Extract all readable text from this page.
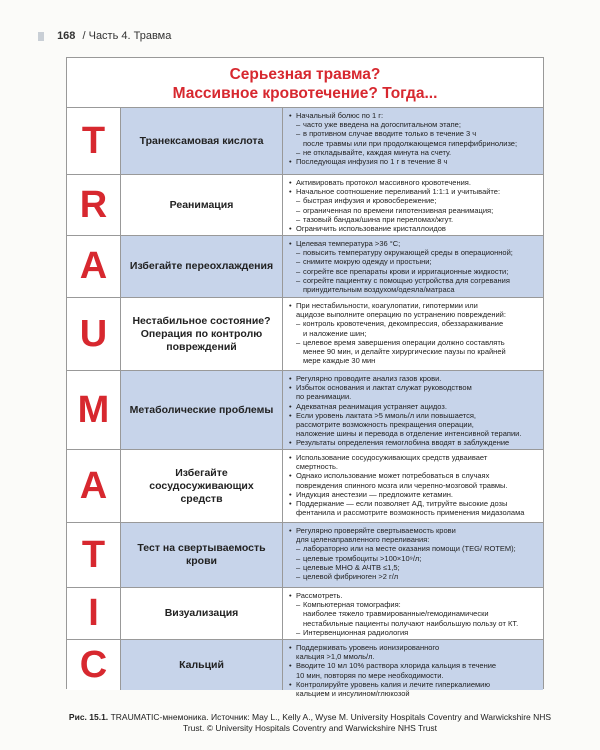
168 / Часть 4. Травма
Серьезная травма?
Массивное кровотечение? Тогда...
T	Транексамовая кислота
• Начальный болюс по 1 г:
– часто уже введена на догоспитальном этапе;
– в противном случае вводите только в течение 3 ч
после травмы или при продолжающемся гиперфибринолизе;
– не откладывайте, каждая минута на счету.
• Последующая инфузия по 1 г в течение 8 ч
R	Реанимация
• Активировать протокол массивного кровотечения.
• Начальное соотношение переливаний 1:1:1 и учитывайте:
– быстрая инфузия и кровосбережение;
– ограниченная по времени гипотензивная реанимация;
– тазовый бандаж/шина при переломах/жгут.
• Ограничить использование кристаллоидов
A	Избегайте переохлаждения
• Целевая температура >36 °C;
– повысить температуру окружающей среды в операционной;
– снимите мокрую одежду и простыни;
– согрейте все препараты крови и ирригационные жидкости;
– согрейте пациентку с помощью устройства для согревания
принудительным воздухом/одеяла/матраса
U	Нестабильное состояние? Операция по контролю повреждений
• При нестабильности, коагулопатии, гипотермии или
ацидозе выполните операцию по устранению повреждений:
– контроль кровотечения, декомпрессия, обеззараживание
и наложение шин;
– целевое время завершения операции должно составлять
менее 90 мин, и делайте хирургические паузы по крайней
мере каждые 30 мин
M	Метаболические проблемы
• Регулярно проводите анализ газов крови.
• Избыток основания и лактат служат руководством
по реанимации.
• Адекватная реанимация устраняет ацидоз.
• Если уровень лактата >5 ммоль/л или повышается,
рассмотрите возможность прекращения операции,
наложение шины и перевода в отделение интенсивной терапии.
• Результаты определения гемоглобина вводят в заблуждение
A	Избегайте сосудосуживающих средств
• Использование сосудосуживающих средств удваивает
смертность.
• Однако использование может потребоваться в случаях
повреждения спинного мозга или черепно-мозговой травмы.
• Индукция анестезии — предложите кетамин.
• Поддержание — если позволяет АД, титруйте высокие дозы
фентанила и рассмотрите возможность применения мидазолама
T	Тест на свертываемость крови
• Регулярно проверяйте свертываемость крови
для целенаправленного переливания:
– лабораторно или на месте оказания помощи (TEG/ ROTEM);
– целевые тромбоциты >100×10⁹/л;
– целевые МНО & АЧТВ ≤1,5;
– целевой фибриноген >2 г/л
I	Визуализация
• Рассмотреть.
– Компьютерная томография:
наиболее тяжело травмированные/гемодинамически
нестабильные пациенты получают наибольшую пользу от КТ.
– Интервенционная радиология
C	Кальций
• Поддерживать уровень ионизированного
кальция >1,0 ммоль/л.
• Вводите 10 мл 10% раствора хлорида кальция в течение
10 мин, повторяя по мере необходимости.
• Контролируйте уровень калия и лечите гиперкалиемию
кальцием и инсулином/глюкозой
Рис. 15.1. TRAUMATIC-мнемоника. Источник: May L., Kelly A., Wyse M. University Hospitals Coventry and Warwickshire NHS Trust. © University Hospitals Coventry and Warwickshire NHS Trust
